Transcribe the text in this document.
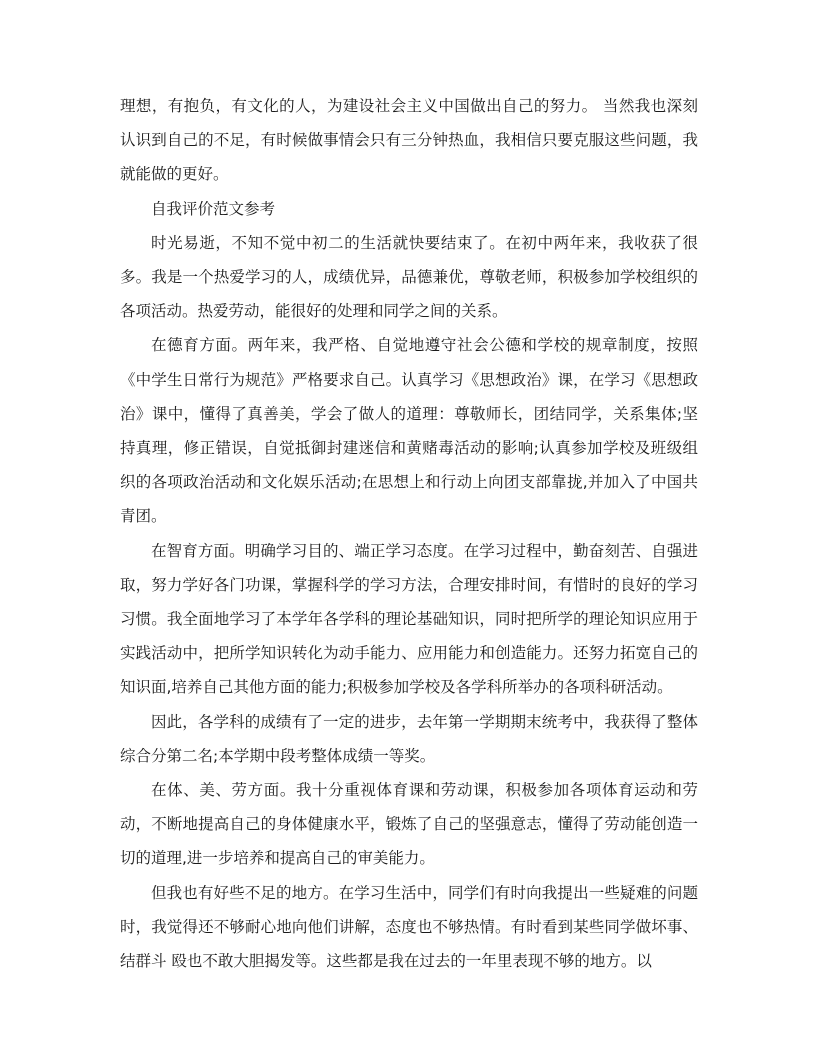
理想，有抱负，有文化的人，为建设社会主义中国做出自己的努力。 当然我也深刻认识到自己的不足，有时候做事情会只有三分钟热血，我相信只要克服这些问题，我就能做的更好。

自我评价范文参考

时光易逝，不知不觉中初二的生活就快要结束了。在初中两年来，我收获了很多。我是一个热爱学习的人，成绩优异，品德兼优，尊敬老师，积极参加学校组织的各项活动。热爱劳动，能很好的处理和同学之间的关系。

在德育方面。两年来，我严格、自觉地遵守社会公德和学校的规章制度，按照《中学生日常行为规范》严格要求自己。认真学习《思想政治》课，在学习《思想政治》课中，懂得了真善美，学会了做人的道理：尊敬师长，团结同学，关系集体;坚持真理，修正错误，自觉抵御封建迷信和黄赌毒活动的影响;认真参加学校及班级组织的各项政治活动和文化娱乐活动;在思想上和行动上向团支部靠拢,并加入了中国共青团。

在智育方面。明确学习目的、端正学习态度。在学习过程中，勤奋刻苦、自强进取，努力学好各门功课，掌握科学的学习方法，合理安排时间，有惜时的良好的学习习惯。我全面地学习了本学年各学科的理论基础知识，同时把所学的理论知识应用于实践活动中，把所学知识转化为动手能力、应用能力和创造能力。还努力拓宽自己的知识面,培养自己其他方面的能力;积极参加学校及各学科所举办的各项科研活动。

因此，各学科的成绩有了一定的进步，去年第一学期期末统考中，我获得了整体综合分第二名;本学期中段考整体成绩一等奖。

在体、美、劳方面。我十分重视体育课和劳动课，积极参加各项体育运动和劳动，不断地提高自己的身体健康水平，锻炼了自己的坚强意志，懂得了劳动能创造一切的道理,进一步培养和提高自己的审美能力。

但我也有好些不足的地方。在学习生活中，同学们有时向我提出一些疑难的问题时，我觉得还不够耐心地向他们讲解，态度也不够热情。有时看到某些同学做坏事、结群斗 殴也不敢大胆揭发等。这些都是我在过去的一年里表现不够的地方。以
